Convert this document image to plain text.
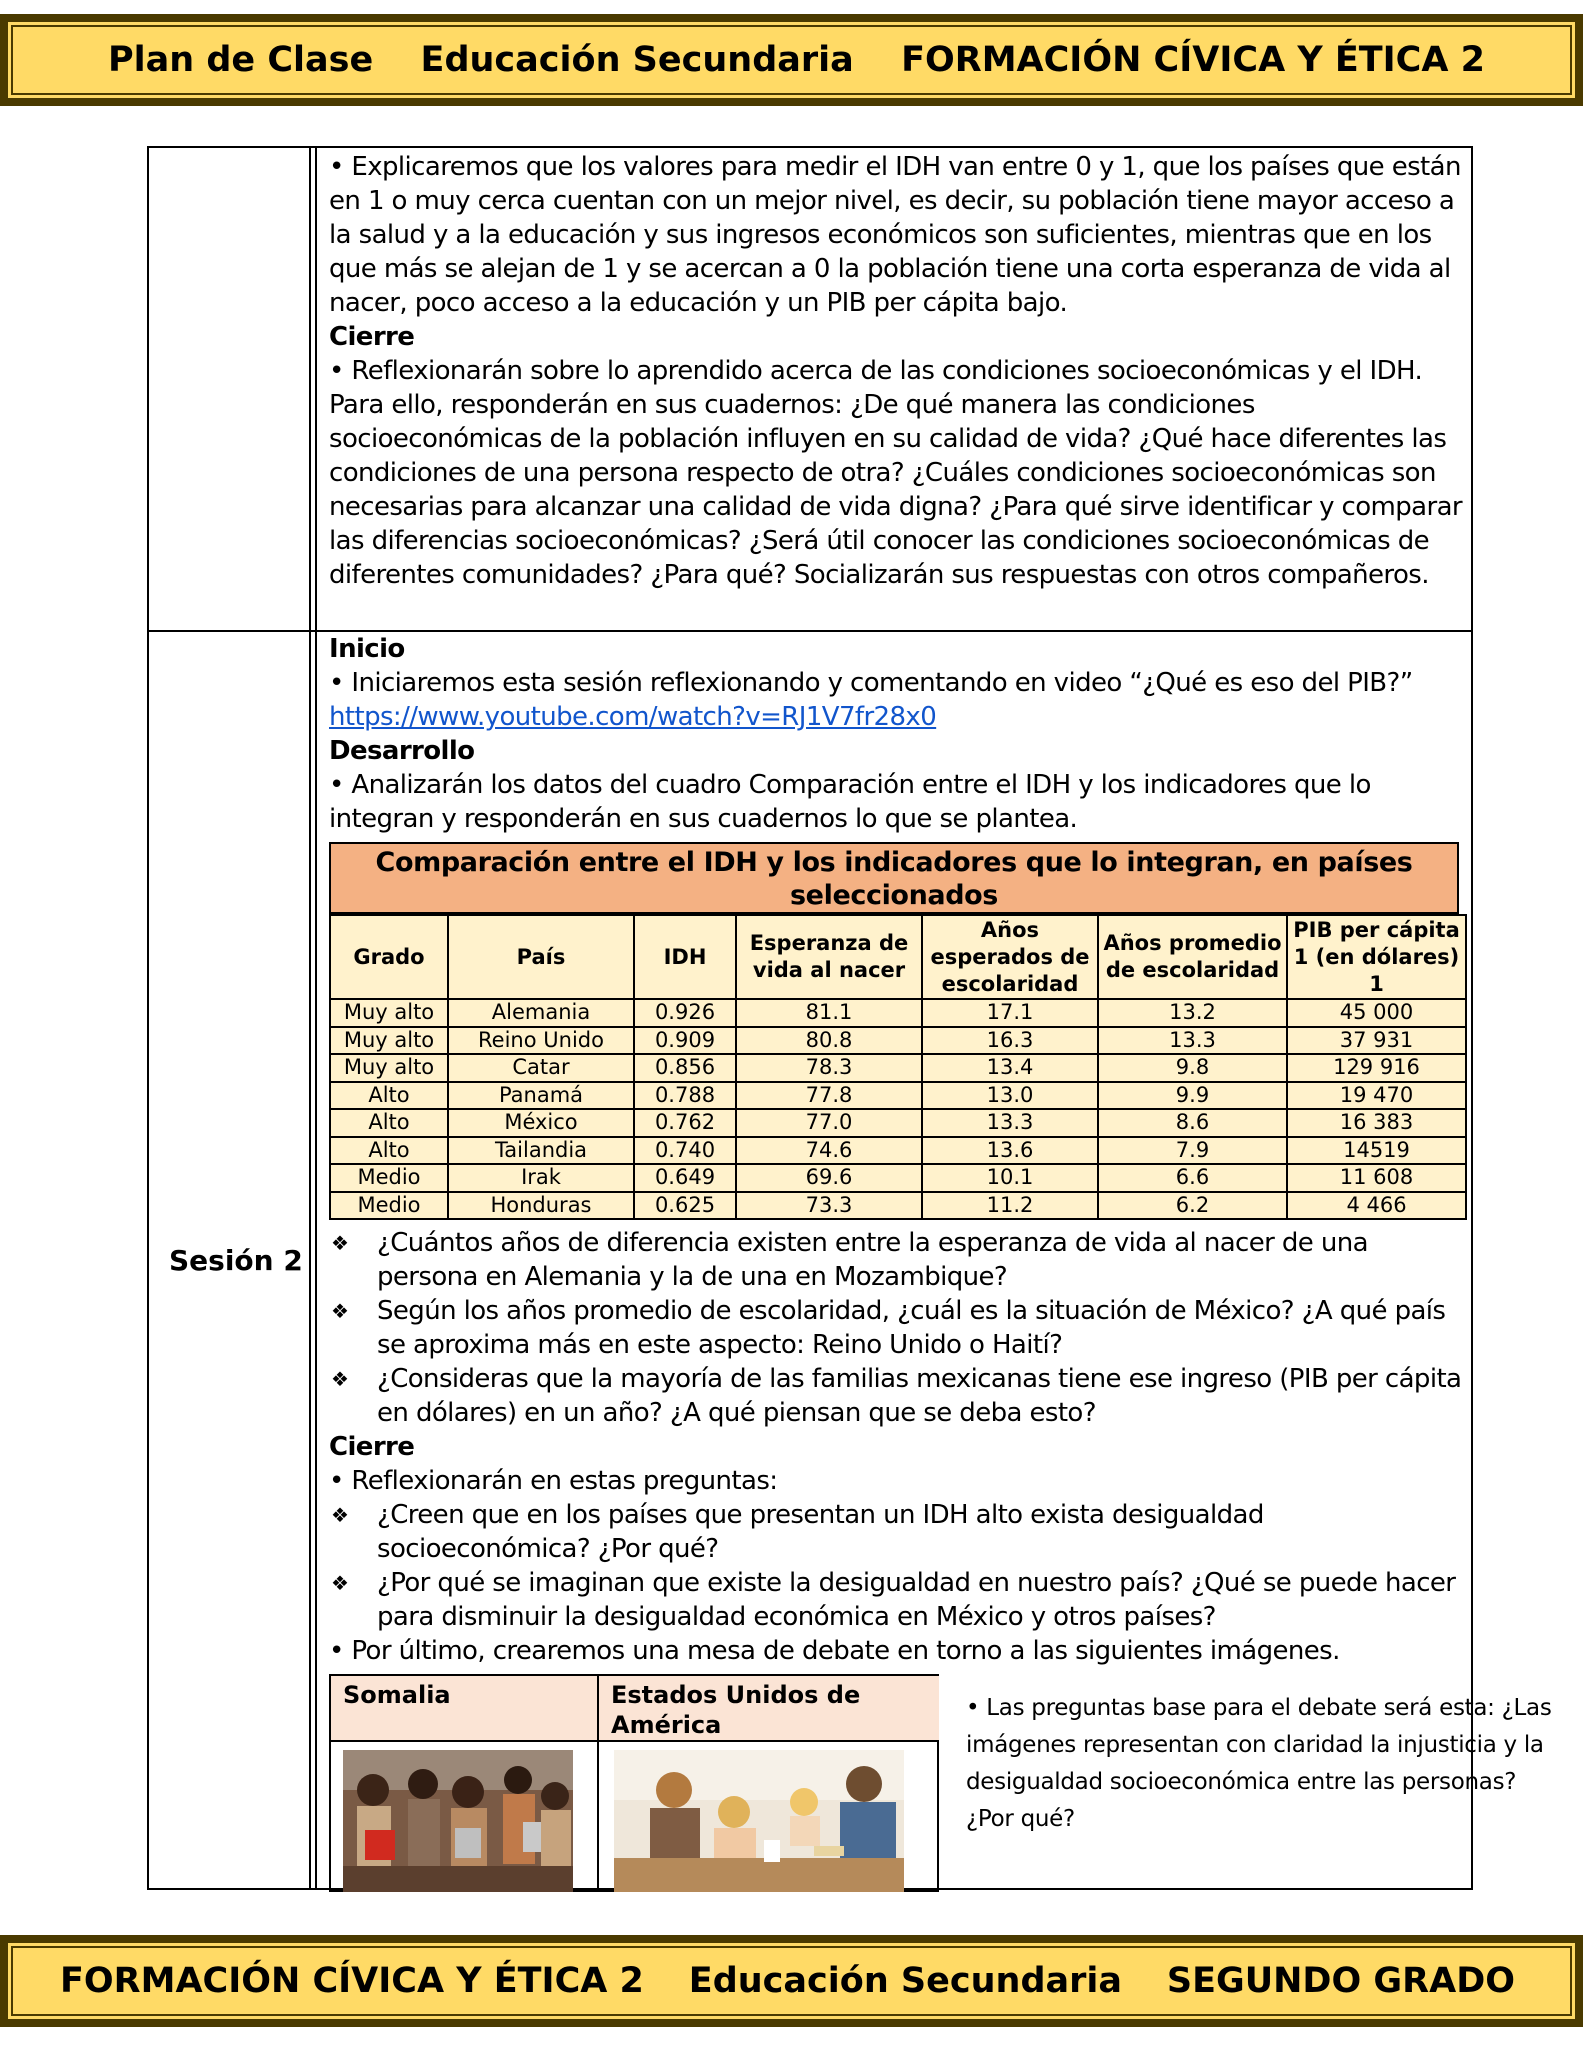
Plan de Clase Educación Secundaria FORMACIÓN CÍVICA Y ÉTICA 2
Sesión 2

• Explicaremos que los valores para medir el IDH van entre 0 y 1, que los países que están en 1 o muy cerca cuentan con un mejor nivel, es decir, su población tiene mayor acceso a la salud y a la educación y sus ingresos económicos son suficientes, mientras que en los que más se alejan de 1 y se acercan a 0 la población tiene una corta esperanza de vida al nacer, poco acceso a la educación y un PIB per cápita bajo.

Cierre

• Reflexionarán sobre lo aprendido acerca de las condiciones socioeconómicas y el IDH. Para ello, responderán en sus cuadernos: ¿De qué manera las condiciones socioeconómicas de la población influyen en su calidad de vida? ¿Qué hace diferentes las condiciones de una persona respecto de otra? ¿Cuáles condiciones socioeconómicas son necesarias para alcanzar una calidad de vida digna? ¿Para qué sirve identificar y comparar las diferencias socioeconómicas? ¿Será útil conocer las condiciones socioeconómicas de diferentes comunidades? ¿Para qué? Socializarán sus respuestas con otros compañeros.

Inicio

• Iniciaremos esta sesión reflexionando y comentando en video “¿Qué es eso del PIB?”

https://www.youtube.com/watch?v=RJ1V7fr28x0

Desarrollo

• Analizarán los datos del cuadro Comparación entre el IDH y los indicadores que lo integran y responderán en sus cuadernos lo que se plantea.

Comparación entre el IDH y los indicadores que lo integran, en países seleccionados
Grado	País	IDH	Esperanza de vida al nacer	Años esperados de escolaridad	Años promedio de escolaridad	PIB per cápita 1 (en dólares) 1
Muy alto	Alemania	0.926	81.1	17.1	13.2	45 000
Muy alto	Reino Unido	0.909	80.8	16.3	13.3	37 931
Muy alto	Catar	0.856	78.3	13.4	9.8	129 916
Alto	Panamá	0.788	77.8	13.0	9.9	19 470
Alto	México	0.762	77.0	13.3	8.6	16 383
Alto	Tailandia	0.740	74.6	13.6	7.9	14519
Medio	Irak	0.649	69.6	10.1	6.6	11 608
Medio	Honduras	0.625	73.3	11.2	6.2	4 466
❖ ¿Cuántos años de diferencia existen entre la esperanza de vida al nacer de una persona en Alemania y la de una en Mozambique?
❖ Según los años promedio de escolaridad, ¿cuál es la situación de México? ¿A qué país se aproxima más en este aspecto: Reino Unido o Haití?
❖ ¿Consideras que la mayoría de las familias mexicanas tiene ese ingreso (PIB per cápita en dólares) en un año? ¿A qué piensan que se deba esto?

Cierre

• Reflexionarán en estas preguntas:

❖ ¿Creen que en los países que presentan un IDH alto exista desigualdad socioeconómica? ¿Por qué?
❖ ¿Por qué se imaginan que existe la desigualdad en nuestro país? ¿Qué se puede hacer para disminuir la desigualdad económica en México y otros países?

• Por último, crearemos una mesa de debate en torno a las siguientes imágenes.

Somalia	Estados Unidos de América
• Las preguntas base para el debate será esta: ¿Las imágenes representan con claridad la injusticia y la desigualdad socioeconómica entre las personas? ¿Por qué?
FORMACIÓN CÍVICA Y ÉTICA 2 Educación Secundaria SEGUNDO GRADO
